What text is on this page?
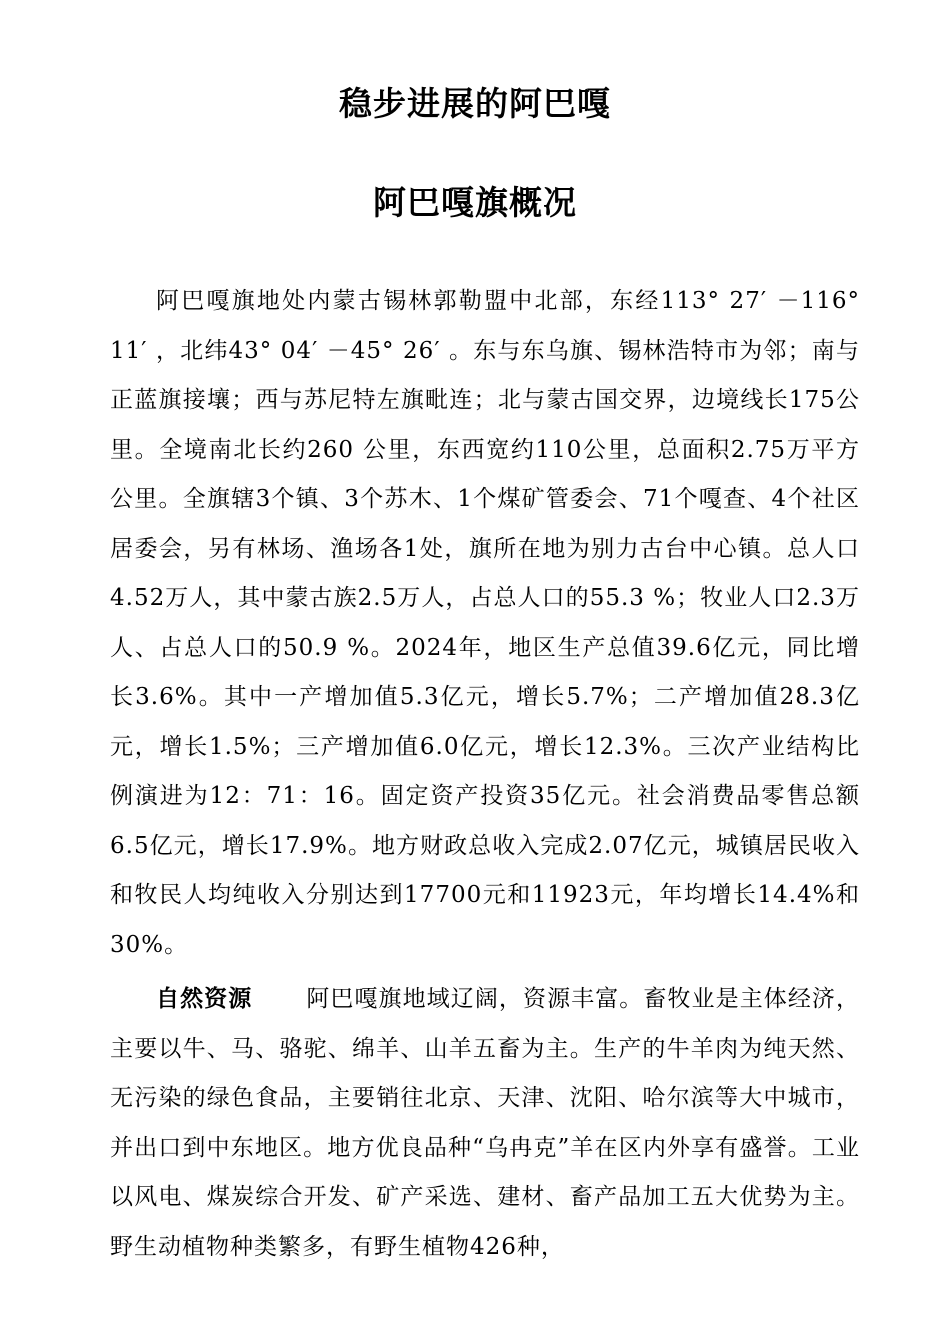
稳步进展的阿巴嘎
阿巴嘎旗概况

阿巴嘎旗地处内蒙古锡林郭勒盟中北部，东经113° 27′ －116° 11′ ，北纬43° 04′ －45° 26′ 。东与东乌旗、锡林浩特市为邻；南与正蓝旗接壤；西与苏尼特左旗毗连；北与蒙古国交界，边境线长175公里。全境南北长约260 公里，东西宽约110公里，总面积2.75万平方公里。全旗辖3个镇、3个苏木、1个煤矿管委会、71个嘎查、4个社区居委会，另有林场、渔场各1处，旗所在地为别力古台中心镇。总人口4.52万人，其中蒙古族2.5万人，占总人口的55.3 %；牧业人口2.3万人、占总人口的50.9 %。2024年，地区生产总值39.6亿元，同比增长3.6%。其中一产增加值5.3亿元，增长5.7%；二产增加值28.3亿元，增长1.5%；三产增加值6.0亿元，增长12.3%。三次产业结构比例演进为12：71：16。固定资产投资35亿元。社会消费品零售总额6.5亿元，增长17.9%。地方财政总收入完成2.07亿元，城镇居民收入和牧民人均纯收入分别达到17700元和11923元，年均增长14.4%和30%。

自然资源 阿巴嘎旗地域辽阔，资源丰富。畜牧业是主体经济，主要以牛、马、骆驼、绵羊、山羊五畜为主。生产的牛羊肉为纯天然、无污染的绿色食品，主要销往北京、天津、沈阳、哈尔滨等大中城市，并出口到中东地区。地方优良品种“乌冉克”羊在区内外享有盛誉。工业以风电、煤炭综合开发、矿产采选、建材、畜产品加工五大优势为主。野生动植物种类繁多，有野生植物426种，
